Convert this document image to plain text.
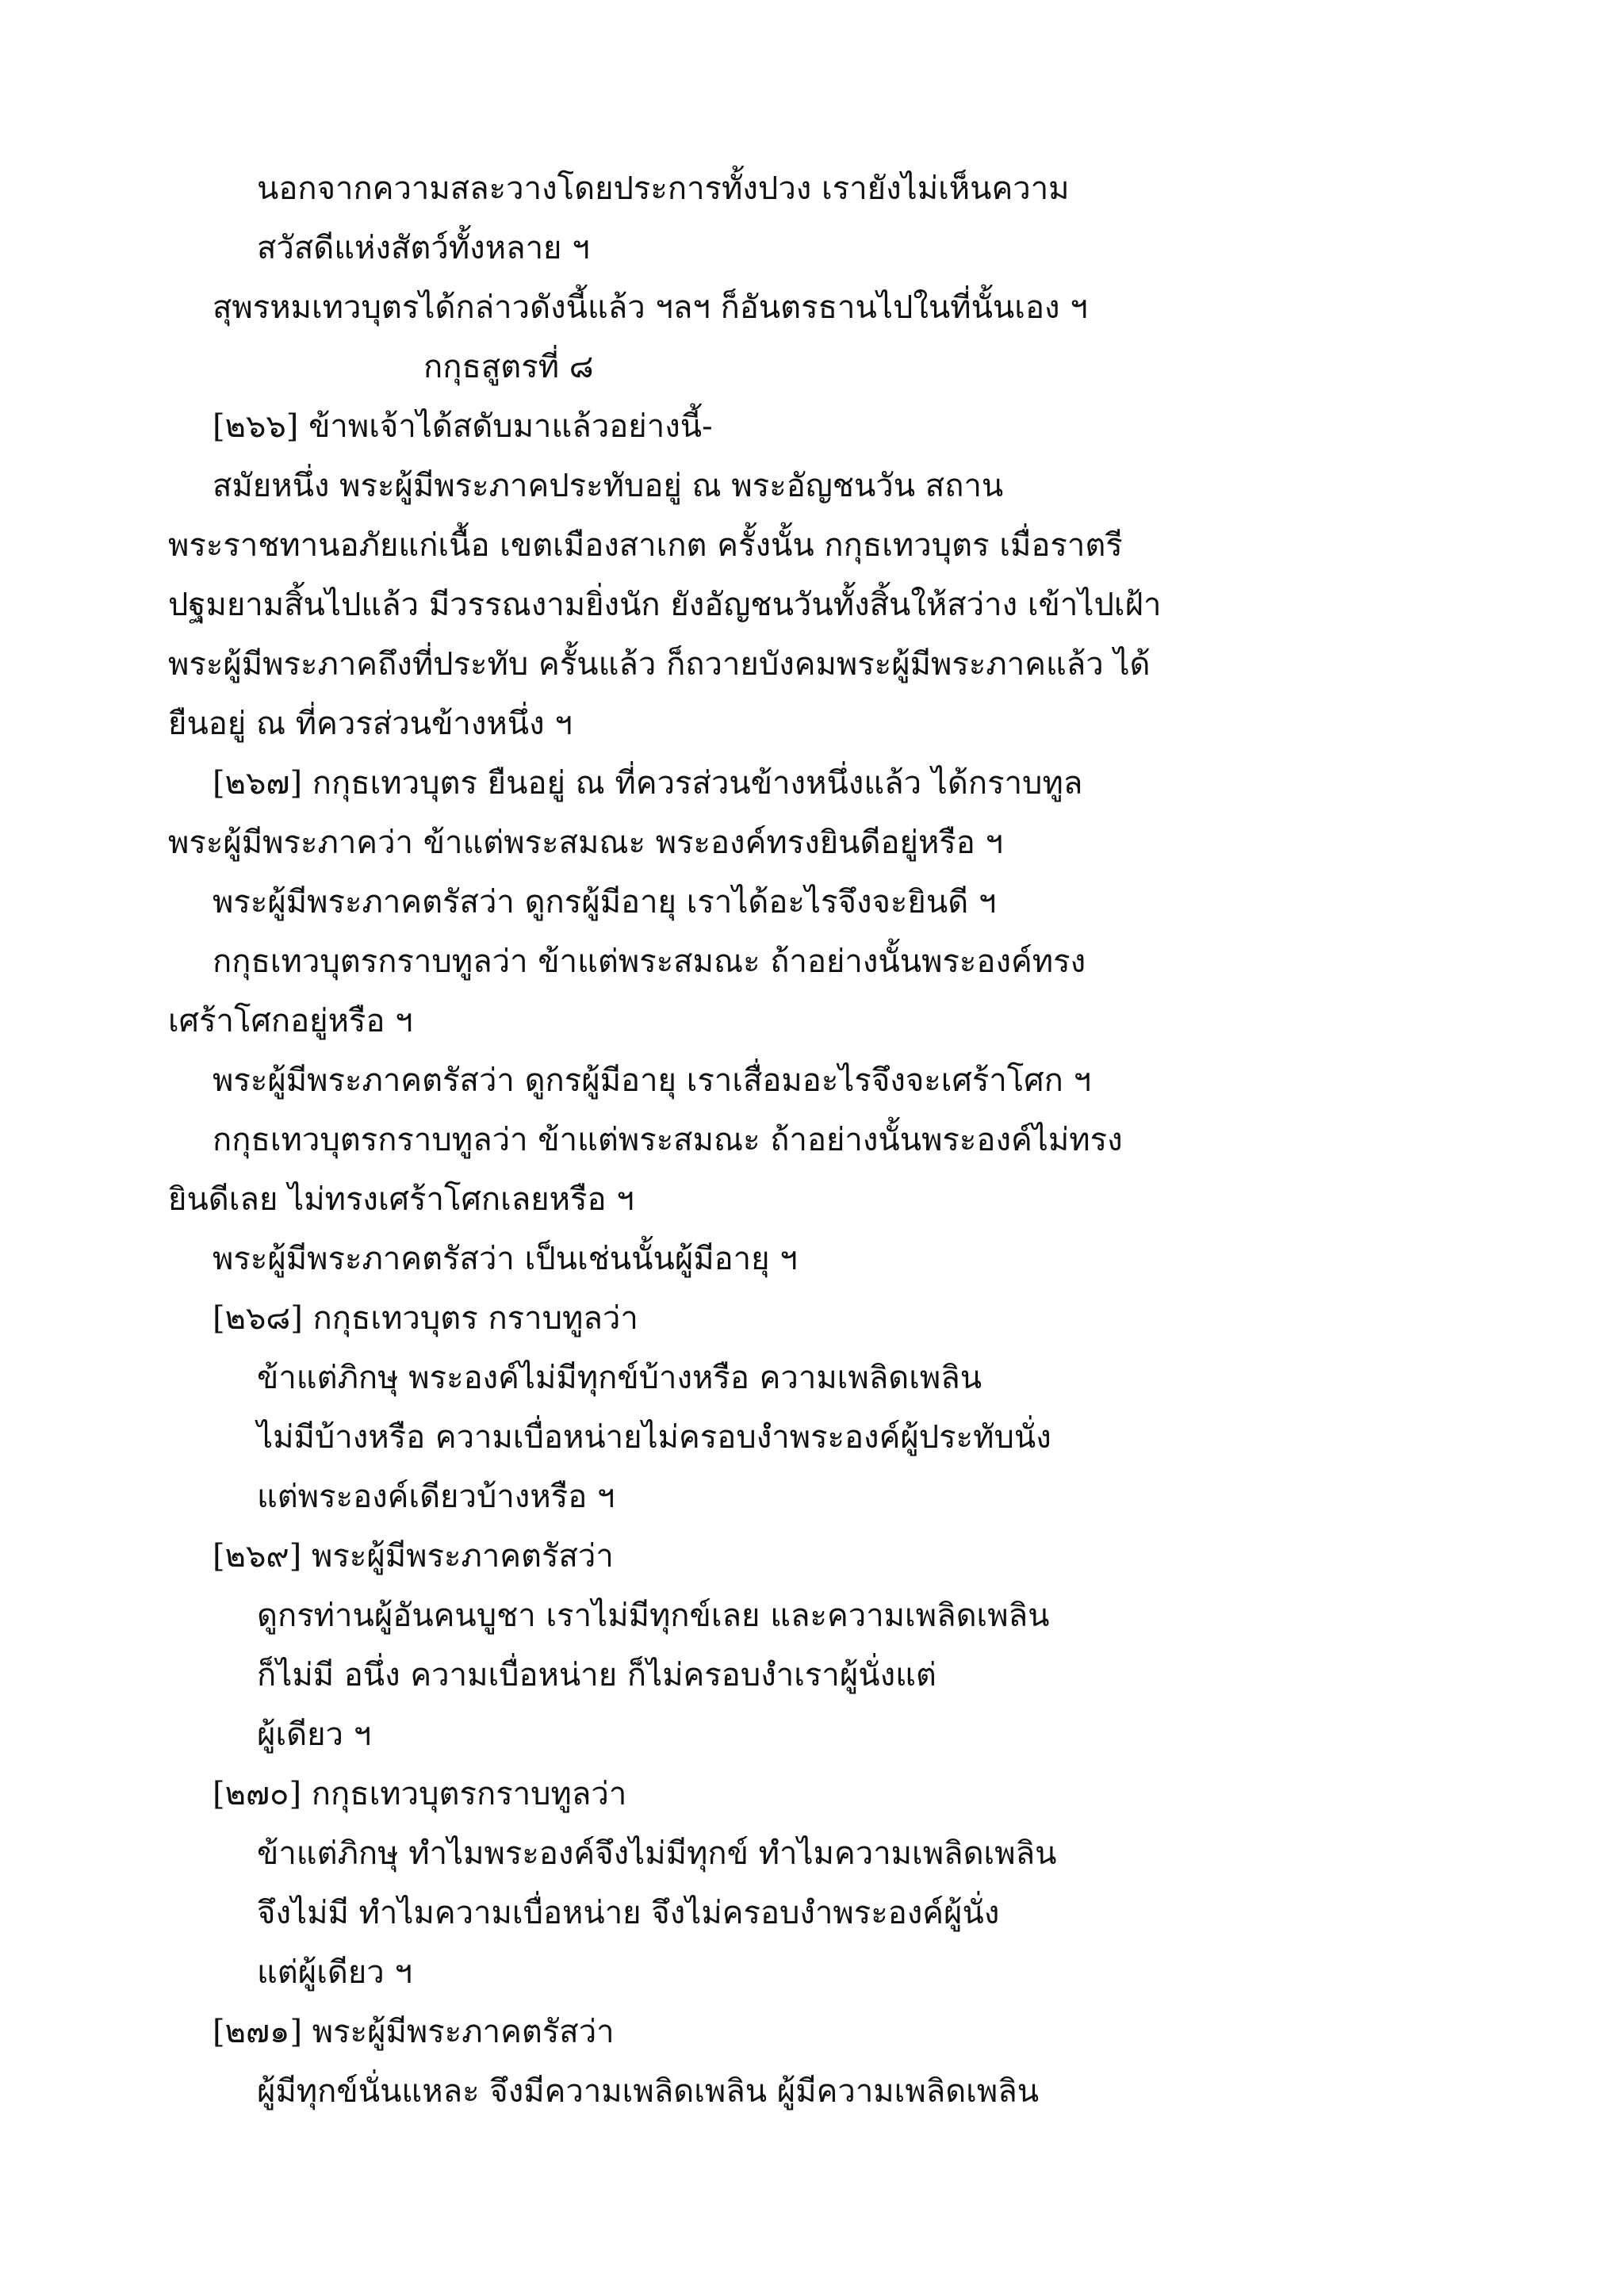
นอกจากความสละวางโดยประการทั้งปวง เรายังไม่เห็นความ
สวัสดีแห่งสัตว์ทั้งหลาย ฯ
สุพรหมเทวบุตรได้กล่าวดังนี้แล้ว ฯลฯ ก็อันตรธานไปในที่นั้นเอง ฯ
กกุธสูตรที่ ๘
[๒๖๖] ข้าพเจ้าได้สดับมาแล้วอย่างนี้-
สมัยหนึ่ง พระผู้มีพระภาคประทับอยู่ ณ พระอัญชนวัน สถาน
พระราชทานอภัยแก่เนื้อ เขตเมืองสาเกต ครั้งนั้น กกุธเทวบุตร เมื่อราตรี
ปฐมยามสิ้นไปแล้ว มีวรรณงามยิ่งนัก ยังอัญชนวันทั้งสิ้นให้สว่าง เข้าไปเฝ้า
พระผู้มีพระภาคถึงที่ประทับ ครั้นแล้ว ก็ถวายบังคมพระผู้มีพระภาคแล้ว ได้
ยืนอยู่ ณ ที่ควรส่วนข้างหนึ่ง ฯ
[๒๖๗] กกุธเทวบุตร ยืนอยู่ ณ ที่ควรส่วนข้างหนึ่งแล้ว ได้กราบทูล
พระผู้มีพระภาคว่า ข้าแต่พระสมณะ พระองค์ทรงยินดีอยู่หรือ ฯ
พระผู้มีพระภาคตรัสว่า ดูกรผู้มีอายุ เราได้อะไรจึงจะยินดี ฯ
กกุธเทวบุตรกราบทูลว่า ข้าแต่พระสมณะ ถ้าอย่างนั้นพระองค์ทรง
เศร้าโศกอยู่หรือ ฯ
พระผู้มีพระภาคตรัสว่า ดูกรผู้มีอายุ เราเสื่อมอะไรจึงจะเศร้าโศก ฯ
กกุธเทวบุตรกราบทูลว่า ข้าแต่พระสมณะ ถ้าอย่างนั้นพระองค์ไม่ทรง
ยินดีเลย ไม่ทรงเศร้าโศกเลยหรือ ฯ
พระผู้มีพระภาคตรัสว่า เป็นเช่นนั้นผู้มีอายุ ฯ
[๒๖๘] กกุธเทวบุตร กราบทูลว่า
ข้าแต่ภิกษุ พระองค์ไม่มีทุกข์บ้างหรือ ความเพลิดเพลิน
ไม่มีบ้างหรือ ความเบื่อหน่ายไม่ครอบงำพระองค์ผู้ประทับนั่ง
แต่พระองค์เดียวบ้างหรือ ฯ
[๒๖๙] พระผู้มีพระภาคตรัสว่า
ดูกรท่านผู้อันคนบูชา เราไม่มีทุกข์เลย และความเพลิดเพลิน
ก็ไม่มี อนึ่ง ความเบื่อหน่าย ก็ไม่ครอบงำเราผู้นั่งแต่
ผู้เดียว ฯ
[๒๗๐] กกุธเทวบุตรกราบทูลว่า
ข้าแต่ภิกษุ ทำไมพระองค์จึงไม่มีทุกข์ ทำไมความเพลิดเพลิน
จึงไม่มี ทำไมความเบื่อหน่าย จึงไม่ครอบงำพระองค์ผู้นั่ง
แต่ผู้เดียว ฯ
[๒๗๑] พระผู้มีพระภาคตรัสว่า
ผู้มีทุกข์นั่นแหละ จึงมีความเพลิดเพลิน ผู้มีความเพลิดเพลิน
